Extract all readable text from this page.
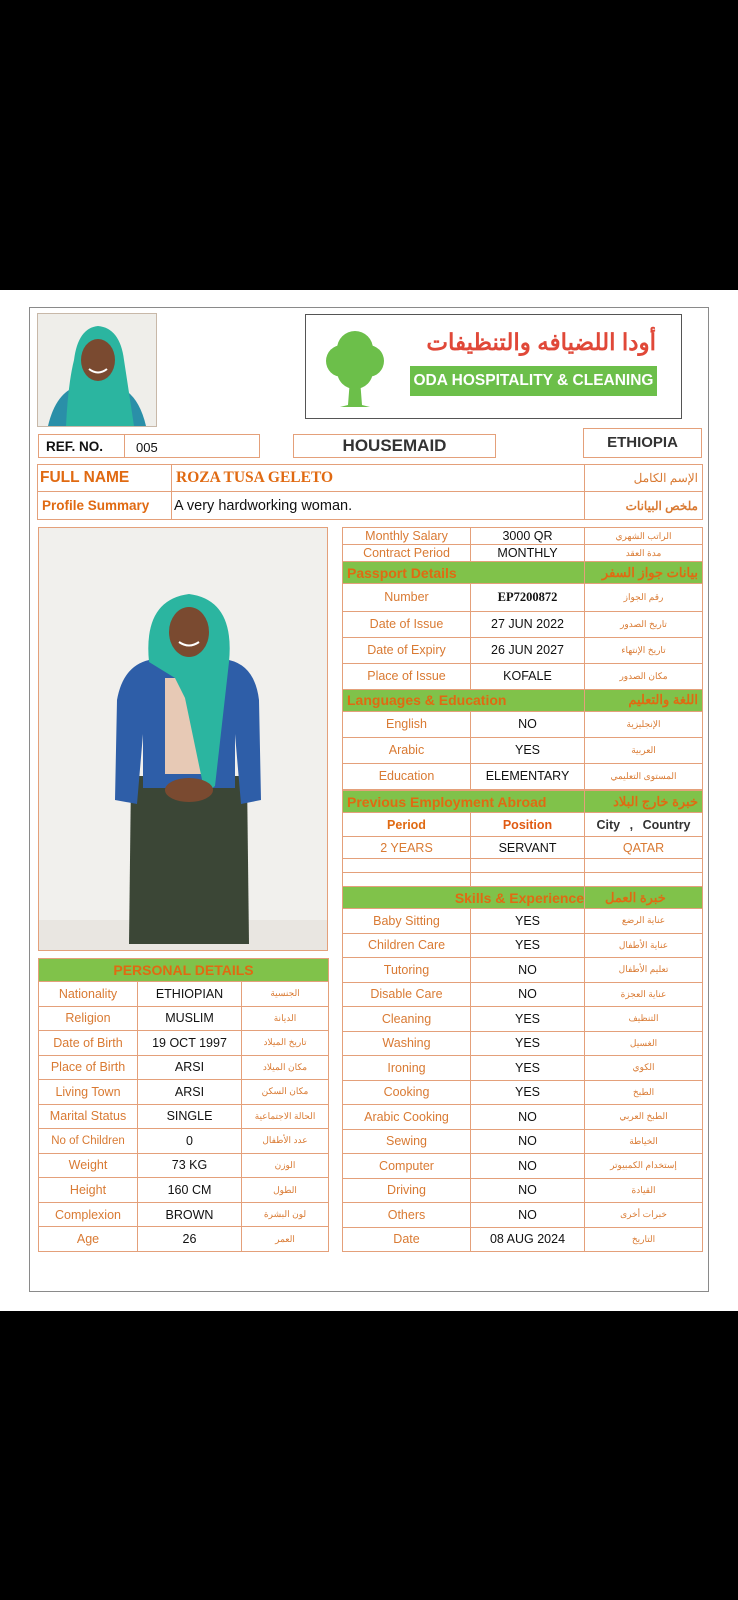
أودا اللضيافه والتنظيفات
ODA HOSPITALITY & CLEANING
REF. NO.	005	HOUSEMAID	ETHIOPIA
FULL NAME	ROZA TUSA GELETO	الإسم الكامل
Profile Summary	A very hardworking woman.	ملخص البيانات
PERSONAL DETAILS		
Nationality	ETHIOPIAN	الجنسية
Religion	MUSLIM	الديانة
Date of Birth	19 OCT 1997	تاريخ الميلاد
Place of Birth	ARSI	مكان الميلاد
Living Town	ARSI	مكان السكن
Marital Status	SINGLE	الحالة الاجتماعية
No of Children	0	عدد الأطفال
Weight	73 KG	الوزن
Height	160 CM	الطول
Complexion	BROWN	لون البشرة
Age	26	العمر
Monthly Salary	3000 QR	الراتب الشهري
Contract Period	MONTHLY	مدة العقد
Passport Details		بيانات جواز السفر
Number	EP7200872	رقم الجواز
Date of Issue	27 JUN 2022	تاريخ الصدور
Date of Expiry	26 JUN 2027	تاريخ الإنتهاء
Place of Issue	KOFALE	مكان الصدور
Languages & Education		اللغة والتعليم
English	NO	الإنجليزية
Arabic	YES	العربية
Education	ELEMENTARY	المستوى التعليمي
Previous Employment Abroad		خبرة خارج البلاد
Period	Position	City , Country
2 YEARS	SERVANT	QATAR

Skills & Experience		خبرة العمل
Baby Sitting	YES	عناية الرضع
Children Care	YES	عناية الأطفال
Tutoring	NO	تعليم الأطفال
Disable Care	NO	عناية العجزة
Cleaning	YES	التنظيف
Washing	YES	الغسيل
Ironing	YES	الكوي
Cooking	YES	الطبخ
Arabic Cooking	NO	الطبخ العربي
Sewing	NO	الخياطة
Computer	NO	إستخدام الكمبيوتر
Driving	NO	القيادة
Others	NO	خبرات أخرى
Date	08 AUG 2024	التاريخ
